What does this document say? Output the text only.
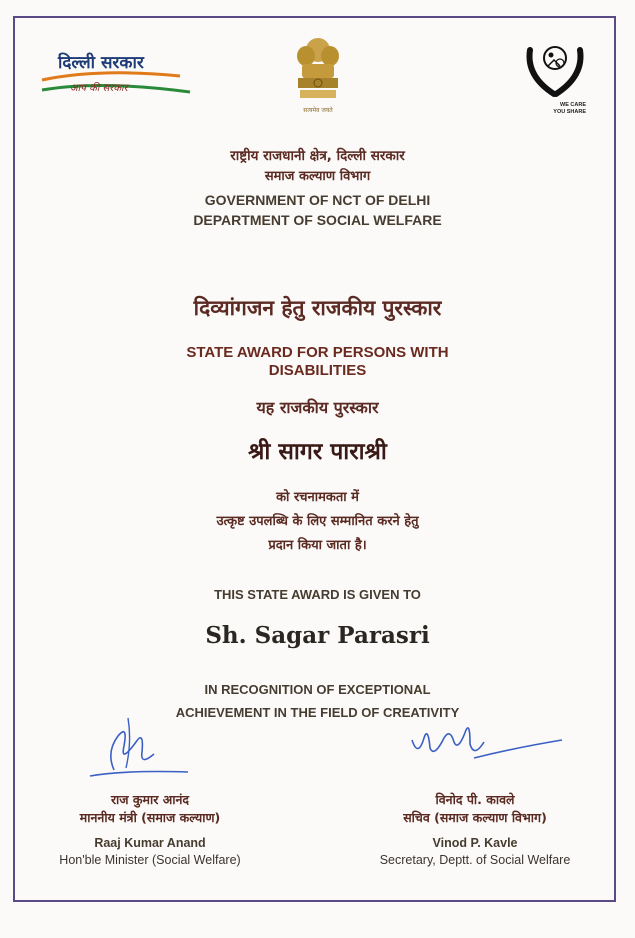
दिल्ली सरकार
आप की सरकार
सत्यमेव जयते
WE CARE
YOU SHARE
राष्ट्रीय राजधानी क्षेत्र, दिल्ली सरकार
समाज कल्याण विभाग
GOVERNMENT OF NCT OF DELHI
DEPARTMENT OF SOCIAL WELFARE
दिव्यांगजन हेतु राजकीय पुरस्कार
STATE AWARD FOR PERSONS WITH
DISABILITIES
यह राजकीय पुरस्कार
श्री सागर पाराश्री
को रचनामकता में
उत्कृष्ट उपलब्धि के लिए सम्मानित करने हेतु
प्रदान किया जाता है।
THIS STATE AWARD IS GIVEN TO
Sh. Sagar Parasri
IN RECOGNITION OF EXCEPTIONAL
ACHIEVEMENT IN THE FIELD OF CREATIVITY
राज कुमार आनंद
माननीय मंत्री (समाज कल्याण)
Raaj Kumar Anand
Hon'ble Minister (Social Welfare)
विनोद पी. कावले
सचिव (समाज कल्याण विभाग)
Vinod P. Kavle
Secretary, Deptt. of Social Welfare
